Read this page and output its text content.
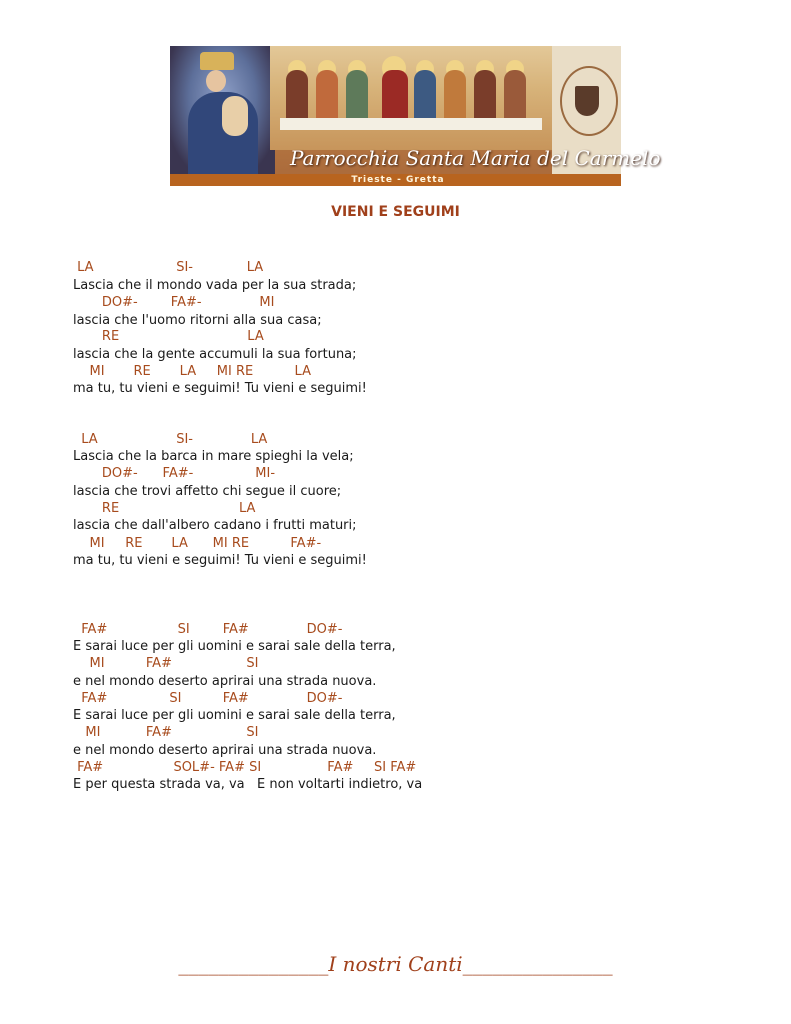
Parrocchia Santa Maria del Carmelo
Trieste - Gretta
VIENI E SEGUIMI
LA                    SI-             LA
Lascia che il mondo vada per la sua strada;
DO#-        FA#-              MI
lascia che l'uomo ritorni alla sua casa;
RE                               LA
lascia che la gente accumuli la sua fortuna;
MI       RE       LA     MI RE          LA
ma tu, tu vieni e seguimi! Tu vieni e seguimi!
LA                   SI-              LA
Lascia che la barca in mare spieghi la vela;
DO#-      FA#-               MI-
lascia che trovi affetto chi segue il cuore;
RE                             LA
lascia che dall'albero cadano i frutti maturi;
MI     RE       LA      MI RE          FA#-
ma tu, tu vieni e seguimi! Tu vieni e seguimi!
FA#                 SI        FA#              DO#-
E sarai luce per gli uomini e sarai sale della terra,
MI          FA#                  SI
e nel mondo deserto aprirai una strada nuova.
FA#               SI          FA#              DO#-
E sarai luce per gli uomini e sarai sale della terra,
MI           FA#                  SI
e nel mondo deserto aprirai una strada nuova.
FA#                 SOL#- FA# SI                FA#     SI FA#
E per questa strada va, va   E non voltarti indietro, va
_______________I nostri Canti_______________
